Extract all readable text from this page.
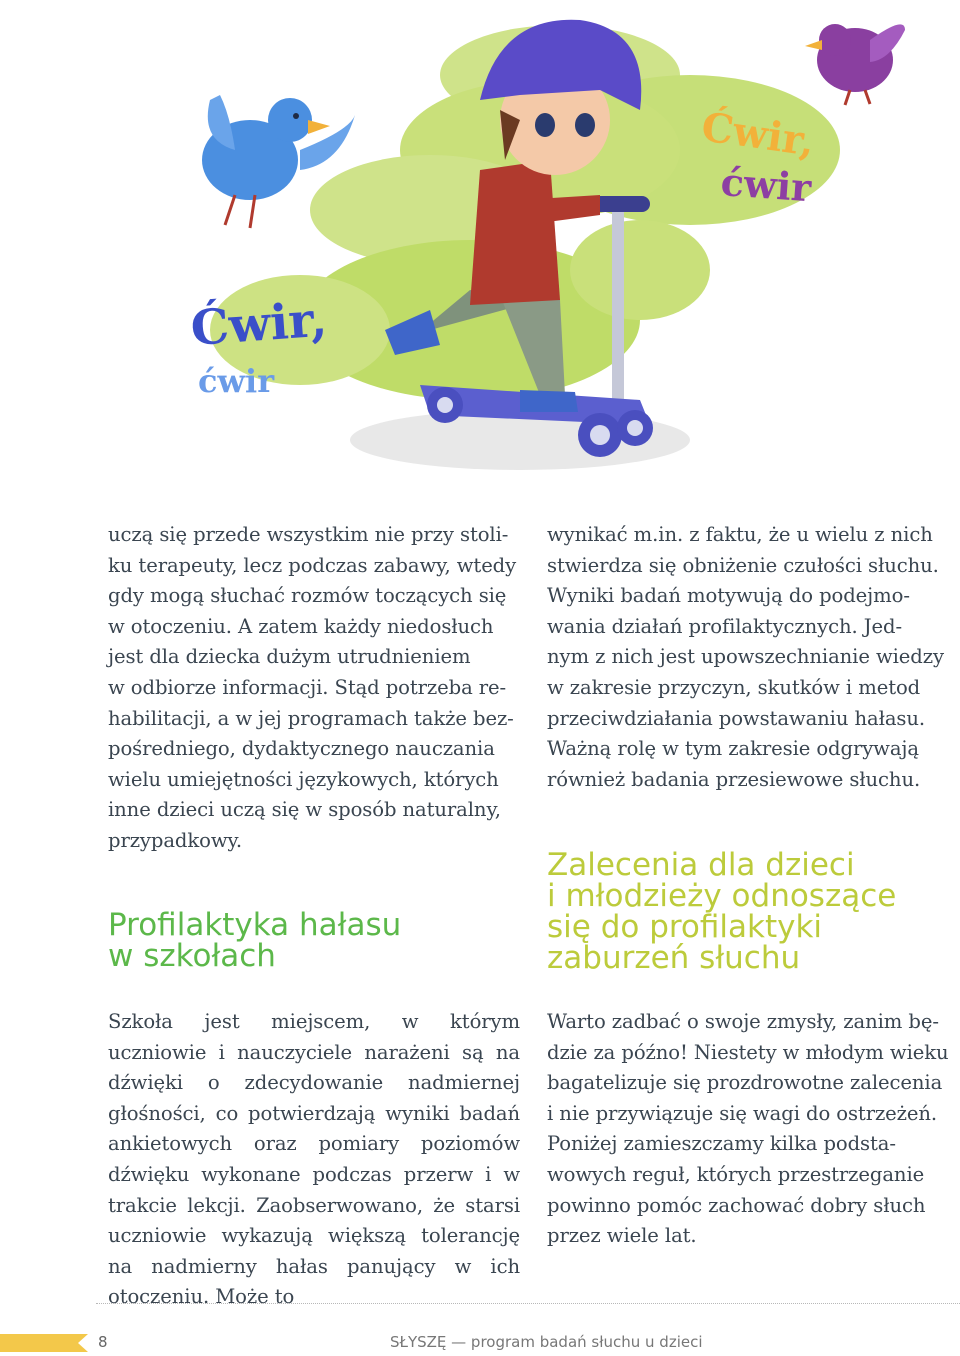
Ćwir,
ćwir
Ćwir,
ćwir

uczą się przede wszystkim nie przy stoli-

ku terapeuty, lecz podczas zabawy, wtedy

gdy mogą słuchać rozmów toczących się

w otoczeniu. A zatem każdy niedosłuch

jest dla dziecka dużym utrudnieniem

w odbiorze informacji. Stąd potrzeba re-

habilitacji, a w jej programach także bez-

pośredniego, dydaktycznego nauczania

wielu umiejętności językowych, których

inne dzieci uczą się w sposób naturalny,

przypadkowy.

Profilaktyka hałasu
w szkołach

Szkoła jest miejscem, w którym uczniowie i nauczyciele narażeni są na dźwięki o zdecydowanie nadmiernej głośności, co potwierdzają wyniki badań ankietowych oraz pomiary poziomów dźwięku wykonane podczas przerw i w trakcie lekcji. Zaobserwowano, że starsi uczniowie wykazują większą tolerancję na nadmierny hałas panujący w ich otoczeniu. Może to

wynikać m.in. z faktu, że u wielu z nich

stwierdza się obniżenie czułości słuchu.

Wyniki badań motywują do podejmo-

wania działań profilaktycznych. Jed-

nym z nich jest upowszechnianie wiedzy

w zakresie przyczyn, skutków i metod

przeciwdziałania powstawaniu hałasu.

Ważną rolę w tym zakresie odgrywają

również badania przesiewowe słuchu.

Zalecenia dla dzieci
i młodzieży odnoszące
się do profilaktyki
zaburzeń słuchu

Warto zadbać o swoje zmysły, zanim bę-

dzie za późno! Niestety w młodym wieku

bagatelizuje się prozdrowotne zalecenia

i nie przywiązuje się wagi do ostrzeżeń.

Poniżej zamieszczamy kilka podsta-

wowych reguł, których przestrzeganie

powinno pomóc zachować dobry słuch

przez wiele lat.

8	SŁYSZĘ — program badań słuchu u dzieci
